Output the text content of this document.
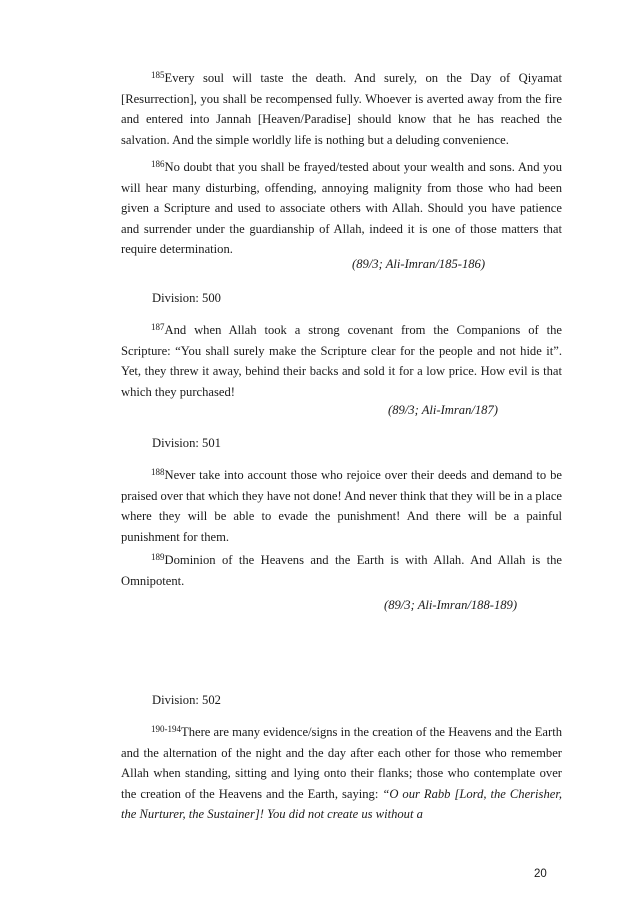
$^{185}$Every soul will taste the death. And surely, on the Day of Qiyamat [Resurrection], you shall be recompensed fully. Whoever is averted away from the fire and entered into Jannah [Heaven/Paradise] should know that he has reached the salvation. And the simple worldly life is nothing but a deluding convenience.

$^{186}$No doubt that you shall be frayed/tested about your wealth and sons. And you will hear many disturbing, offending, annoying malignity from those who had been given a Scripture and used to associate others with Allah. Should you have patience and surrender under the guardianship of Allah, indeed it is one of those matters that require determination.

(89/3; Ali-Imran/185-186)
Division: 500

$^{187}$And when Allah took a strong covenant from the Companions of the Scripture: “You shall surely make the Scripture clear for the people and not hide it”. Yet, they threw it away, behind their backs and sold it for a low price. How evil is that which they purchased!

(89/3; Ali-Imran/187)
Division: 501

$^{188}$Never take into account those who rejoice over their deeds and demand to be praised over that which they have not done! And never think that they will be in a place where they will be able to evade the punishment! And there will be a painful punishment for them.

$^{189}$Dominion of the Heavens and the Earth is with Allah. And Allah is the Omnipotent.

(89/3; Ali-Imran/188-189)
Division: 502

$^{190-194}$There are many evidence/signs in the creation of the Heavens and the Earth and the alternation of the night and the day after each other for those who remember Allah when standing, sitting and lying onto their flanks; those who contemplate over the creation of the Heavens and the Earth, saying: “O our Rabb [Lord, the Cherisher, the Nurturer, the Sustainer]! You did not create us without a

20
